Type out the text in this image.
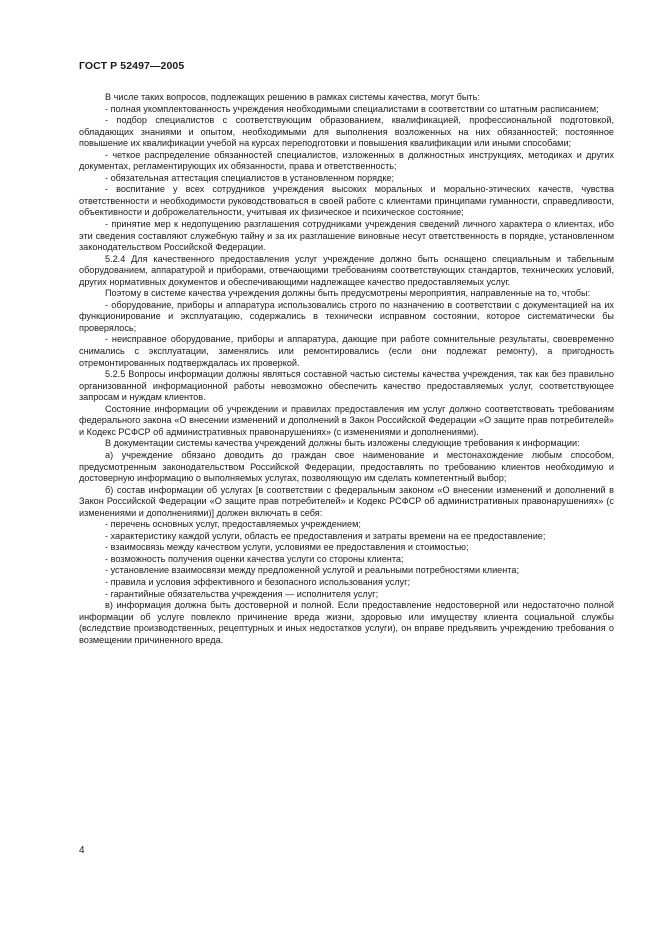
ГОСТ Р 52497—2005

В числе таких вопросов, подлежащих решению в рамках системы качества, могут быть:

- полная укомплектованность учреждения необходимыми специалистами в соответствии со штатным расписанием;

- подбор специалистов с соответствующим образованием, квалификацией, профессиональной подготовкой, обладающих знаниями и опытом, необходимыми для выполнения возложенных на них обязанностей; постоянное повышение их квалификации учебой на курсах переподготовки и повышения квалификации или иными способами;

- четкое распределение обязанностей специалистов, изложенных в должностных инструкциях, методиках и других документах, регламентирующих их обязанности, права и ответственность;

- обязательная аттестация специалистов в установленном порядке;

- воспитание у всех сотрудников учреждения высоких моральных и морально-этических качеств, чувства ответственности и необходимости руководствоваться в своей работе с клиентами принципами гуманности, справедливости, объективности и доброжелательности, учитывая их физическое и психическое состояние;

- принятие мер к недопущению разглашения сотрудниками учреждения сведений личного характера о клиентах, ибо эти сведения составляют служебную тайну и за их разглашение виновные несут ответственность в порядке, установленном законодательством Российской Федерации.

5.2.4 Для качественного предоставления услуг учреждение должно быть оснащено специальным и табельным оборудованием, аппаратурой и приборами, отвечающими требованиям соответствующих стандартов, технических условий, других нормативных документов и обеспечивающими надлежащее качество предоставляемых услуг.

Поэтому в системе качества учреждения должны быть предусмотрены мероприятия, направленные на то, чтобы:

- оборудование, приборы и аппаратура использовались строго по назначению в соответствии с документацией на их функционирование и эксплуатацию, содержались в технически исправном состоянии, которое систематически бы проверялось;

- неисправное оборудование, приборы и аппаратура, дающие при работе сомнительные результаты, своевременно снимались с эксплуатации, заменялись или ремонтировались (если они подлежат ремонту), а пригодность отремонтированных подтверждалась их проверкой.

5.2.5 Вопросы информации должны являться составной частью системы качества учреждения, так как без правильно организованной информационной работы невозможно обеспечить качество предоставляемых услуг, соответствующее запросам и нуждам клиентов.

Состояние информации об учреждении и правилах предоставления им услуг должно соответствовать требованиям федерального закона «О внесении изменений и дополнений в Закон Российской Федерации «О защите прав потребителей» и Кодекс РСФСР об административных правонарушениях» (с изменениями и дополнениями).

В документации системы качества учреждений должны быть изложены следующие требования к информации:

а) учреждение обязано доводить до граждан свое наименование и местонахождение любым способом, предусмотренным законодательством Российской Федерации, предоставлять по требованию клиентов необходимую и достоверную информацию о выполняемых услугах, позволяющую им сделать компетентный выбор;

б) состав информации об услугах [в соответствии с федеральным законом «О внесении изменений и дополнений в Закон Российской Федерации «О защите прав потребителей» и Кодекс РСФСР об административных правонарушениях» (с изменениями и дополнениями)] должен включать в себя:

- перечень основных услуг, предоставляемых учреждением;

- характеристику каждой услуги, область ее предоставления и затраты времени на ее предоставление;

- взаимосвязь между качеством услуги, условиями ее предоставления и стоимостью;

- возможность получения оценки качества услуги со стороны клиента;

- установление взаимосвязи между предложенной услугой и реальными потребностями клиента;

- правила и условия эффективного и безопасного использования услуг;

- гарантийные обязательства учреждения — исполнителя услуг;

в) информация должна быть достоверной и полной. Если предоставление недостоверной или недостаточно полной информации об услуге повлекло причинение вреда жизни, здоровью или имуществу клиента социальной службы (вследствие производственных, рецептурных и иных недостатков услуги), он вправе предъявить учреждению требования о возмещении причиненного вреда.

4
